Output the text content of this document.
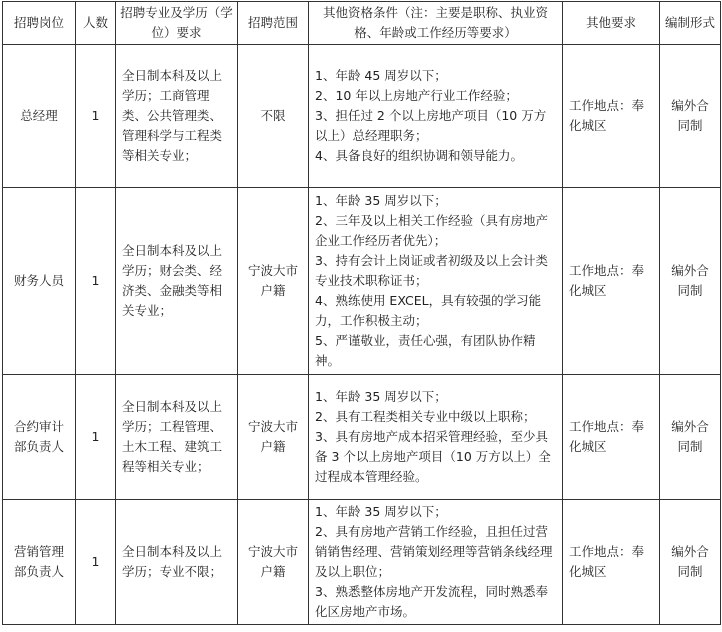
招聘岗位	人数	招聘专业及学历（学位）要求	招聘范围	其他资格条件（注：主要是职称、执业资格、年龄或工作经历等要求）	其他要求	编制形式
总经理	1	全日制本科及以上学历；工商管理类、公共管理类、管理科学与工程类等相关专业；	不限	1、年龄 45 周岁以下；
2、10 年以上房地产行业工作经验；
3、担任过 2 个以上房地产项目（10 万方以上）总经理职务；
4、具备良好的组织协调和领导能力。	工作地点：奉化城区	编外合同制
财务人员	1	全日制本科及以上学历；财会类、经济类、金融类等相关专业；	宁波大市户籍	1、年龄 35 周岁以下；
2、三年及以上相关工作经验（具有房地产企业工作经历者优先）；
3、持有会计上岗证或者初级及以上会计类专业技术职称证书；
4、熟练使用 EXCEL，具有较强的学习能力，工作积极主动；
5、严谨敬业，责任心强，有团队协作精神。	工作地点：奉化城区	编外合同制
合约审计部负责人	1	全日制本科及以上学历；工程管理、土木工程、建筑工程等相关专业；	宁波大市户籍	1、年龄 35 周岁以下；
2、具有工程类相关专业中级以上职称；
3、具有房地产成本招采管理经验，至少具备 3 个以上房地产项目（10 万方以上）全过程成本管理经验。	工作地点：奉化城区	编外合同制
营销管理部负责人	1	全日制本科及以上学历；专业不限；	宁波大市户籍	1、年龄 35 周岁以下；
2、具有房地产营销工作经验，且担任过营销销售经理、营销策划经理等营销条线经理及以上职位；
3、熟悉整体房地产开发流程，同时熟悉奉化区房地产市场。	工作地点：奉化城区	编外合同制
